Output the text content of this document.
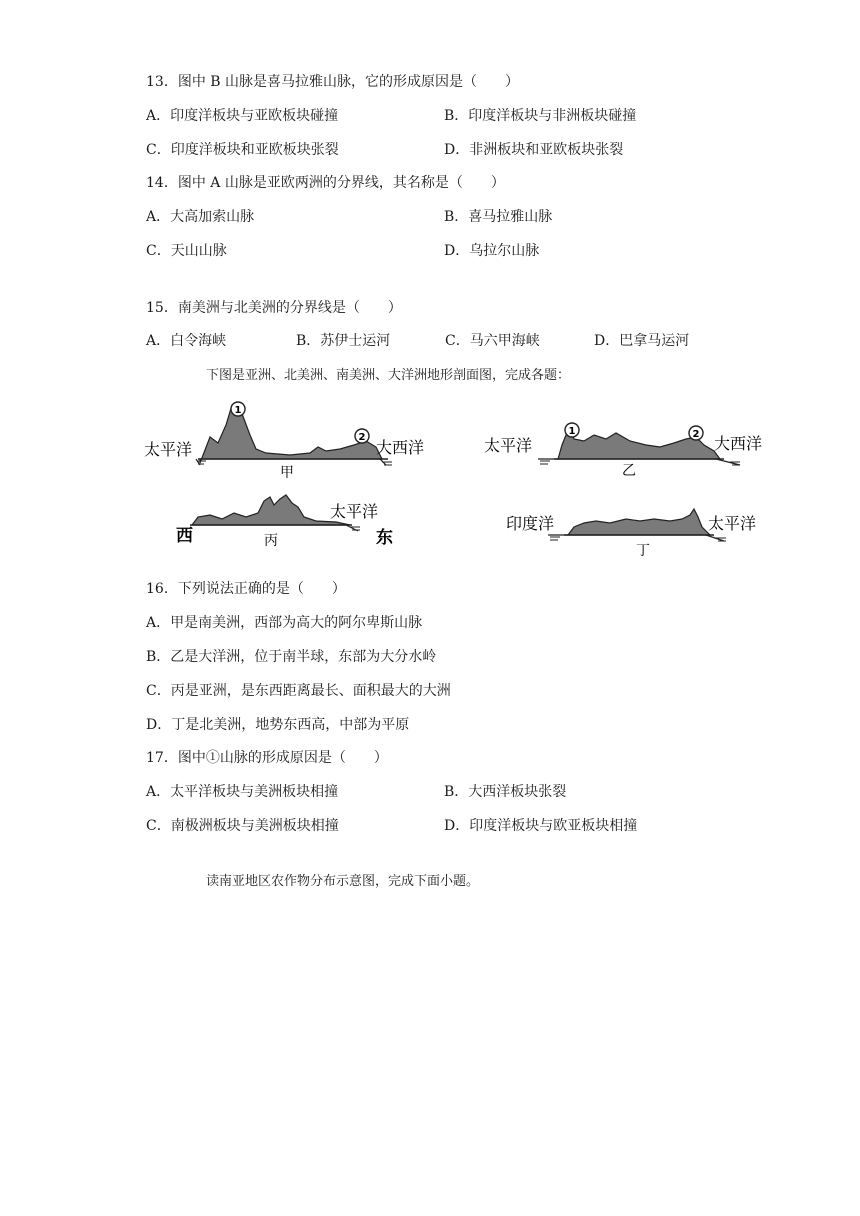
13．图中 B 山脉是喜马拉雅山脉，它的形成原因是（　　）
A．印度洋板块与亚欧板块碰撞	B．印度洋板块与非洲板块碰撞
C．印度洋板块和亚欧板块张裂	D．非洲板块和亚欧板块张裂
14．图中 A 山脉是亚欧两洲的分界线，其名称是（　　）
A．大高加索山脉	B．喜马拉雅山脉
C．天山山脉	D．乌拉尔山脉
15．南美洲与北美洲的分界线是（　　）
A．白令海峡	B．苏伊士运河	C．马六甲海峡	D．巴拿马运河
下图是亚洲、北美洲、南美洲、大洋洲地形剖面图，完成各题：
1
2
太平洋	大西洋
甲
1	2
太平洋	大西洋
乙
太平洋
西	东
丙
印度洋	太平洋
丁
16．下列说法正确的是（　　）
A．甲是南美洲，西部为高大的阿尔卑斯山脉
B．乙是大洋洲，位于南半球，东部为大分水岭
C．丙是亚洲，是东西距离最长、面积最大的大洲
D．丁是北美洲，地势东西高，中部为平原
17．图中①山脉的形成原因是（　　）
A．太平洋板块与美洲板块相撞	B．大西洋板块张裂
C．南极洲板块与美洲板块相撞	D．印度洋板块与欧亚板块相撞
读南亚地区农作物分布示意图，完成下面小题。
